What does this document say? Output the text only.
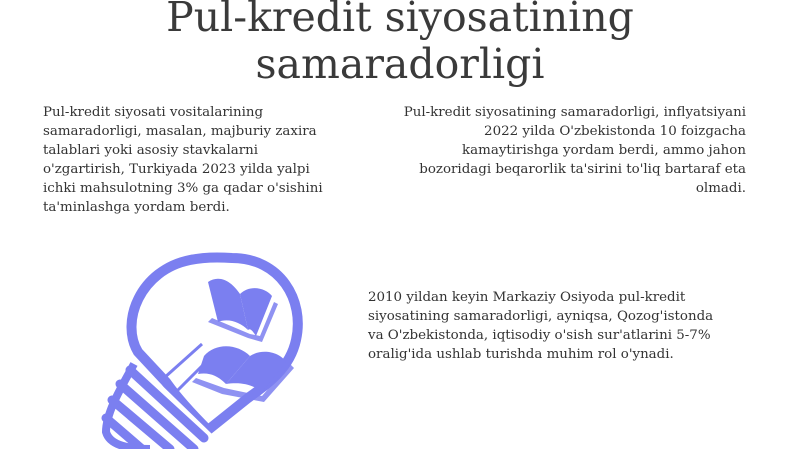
Pul-kredit siyosatining
samaradorligi

Pul-kredit siyosati vositalarining
samaradorligi, masalan, majburiy zaxira
talablari yoki asosiy stavkalarni
o'zgartirish, Turkiyada 2023 yilda yalpi
ichki mahsulotning 3% ga qadar o'sishini
ta'minlashga yordam berdi.

Pul-kredit siyosatining samaradorligi, inflyatsiyani
2022 yilda O'zbekistonda 10 foizgacha
kamaytirishga yordam berdi, ammo jahon
bozoridagi beqarorlik ta'sirini to'liq bartaraf eta
olmadi.

2010 yildan keyin Markaziy Osiyoda pul-kredit
siyosatining samaradorligi, ayniqsa, Qozog'istonda
va O'zbekistonda, iqtisodiy o'sish sur'atlarini 5-7%
oralig'ida ushlab turishda muhim rol o'ynadi.
